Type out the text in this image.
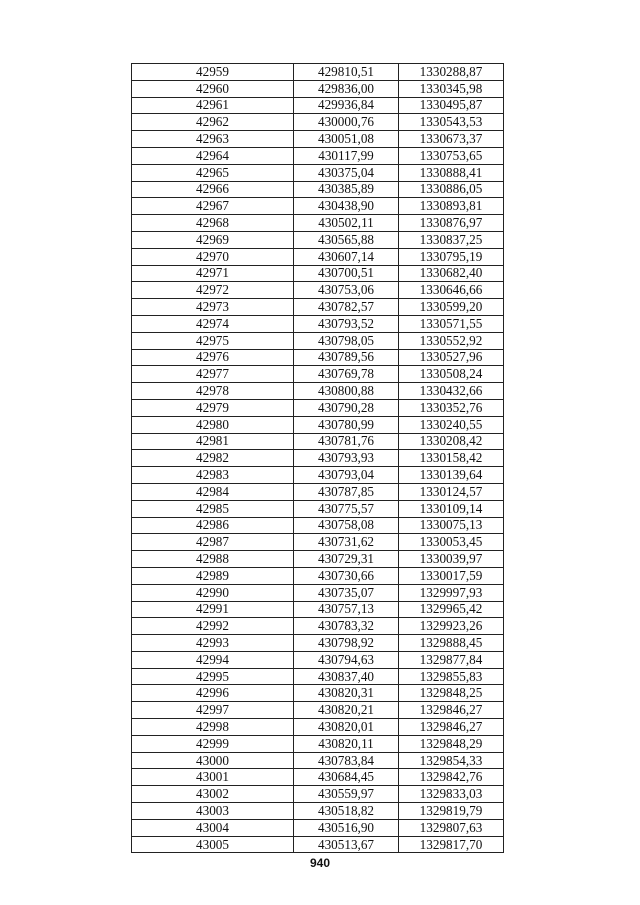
42959	429810,51	1330288,87
42960	429836,00	1330345,98
42961	429936,84	1330495,87
42962	430000,76	1330543,53
42963	430051,08	1330673,37
42964	430117,99	1330753,65
42965	430375,04	1330888,41
42966	430385,89	1330886,05
42967	430438,90	1330893,81
42968	430502,11	1330876,97
42969	430565,88	1330837,25
42970	430607,14	1330795,19
42971	430700,51	1330682,40
42972	430753,06	1330646,66
42973	430782,57	1330599,20
42974	430793,52	1330571,55
42975	430798,05	1330552,92
42976	430789,56	1330527,96
42977	430769,78	1330508,24
42978	430800,88	1330432,66
42979	430790,28	1330352,76
42980	430780,99	1330240,55
42981	430781,76	1330208,42
42982	430793,93	1330158,42
42983	430793,04	1330139,64
42984	430787,85	1330124,57
42985	430775,57	1330109,14
42986	430758,08	1330075,13
42987	430731,62	1330053,45
42988	430729,31	1330039,97
42989	430730,66	1330017,59
42990	430735,07	1329997,93
42991	430757,13	1329965,42
42992	430783,32	1329923,26
42993	430798,92	1329888,45
42994	430794,63	1329877,84
42995	430837,40	1329855,83
42996	430820,31	1329848,25
42997	430820,21	1329846,27
42998	430820,01	1329846,27
42999	430820,11	1329848,29
43000	430783,84	1329854,33
43001	430684,45	1329842,76
43002	430559,97	1329833,03
43003	430518,82	1329819,79
43004	430516,90	1329807,63
43005	430513,67	1329817,70
940
